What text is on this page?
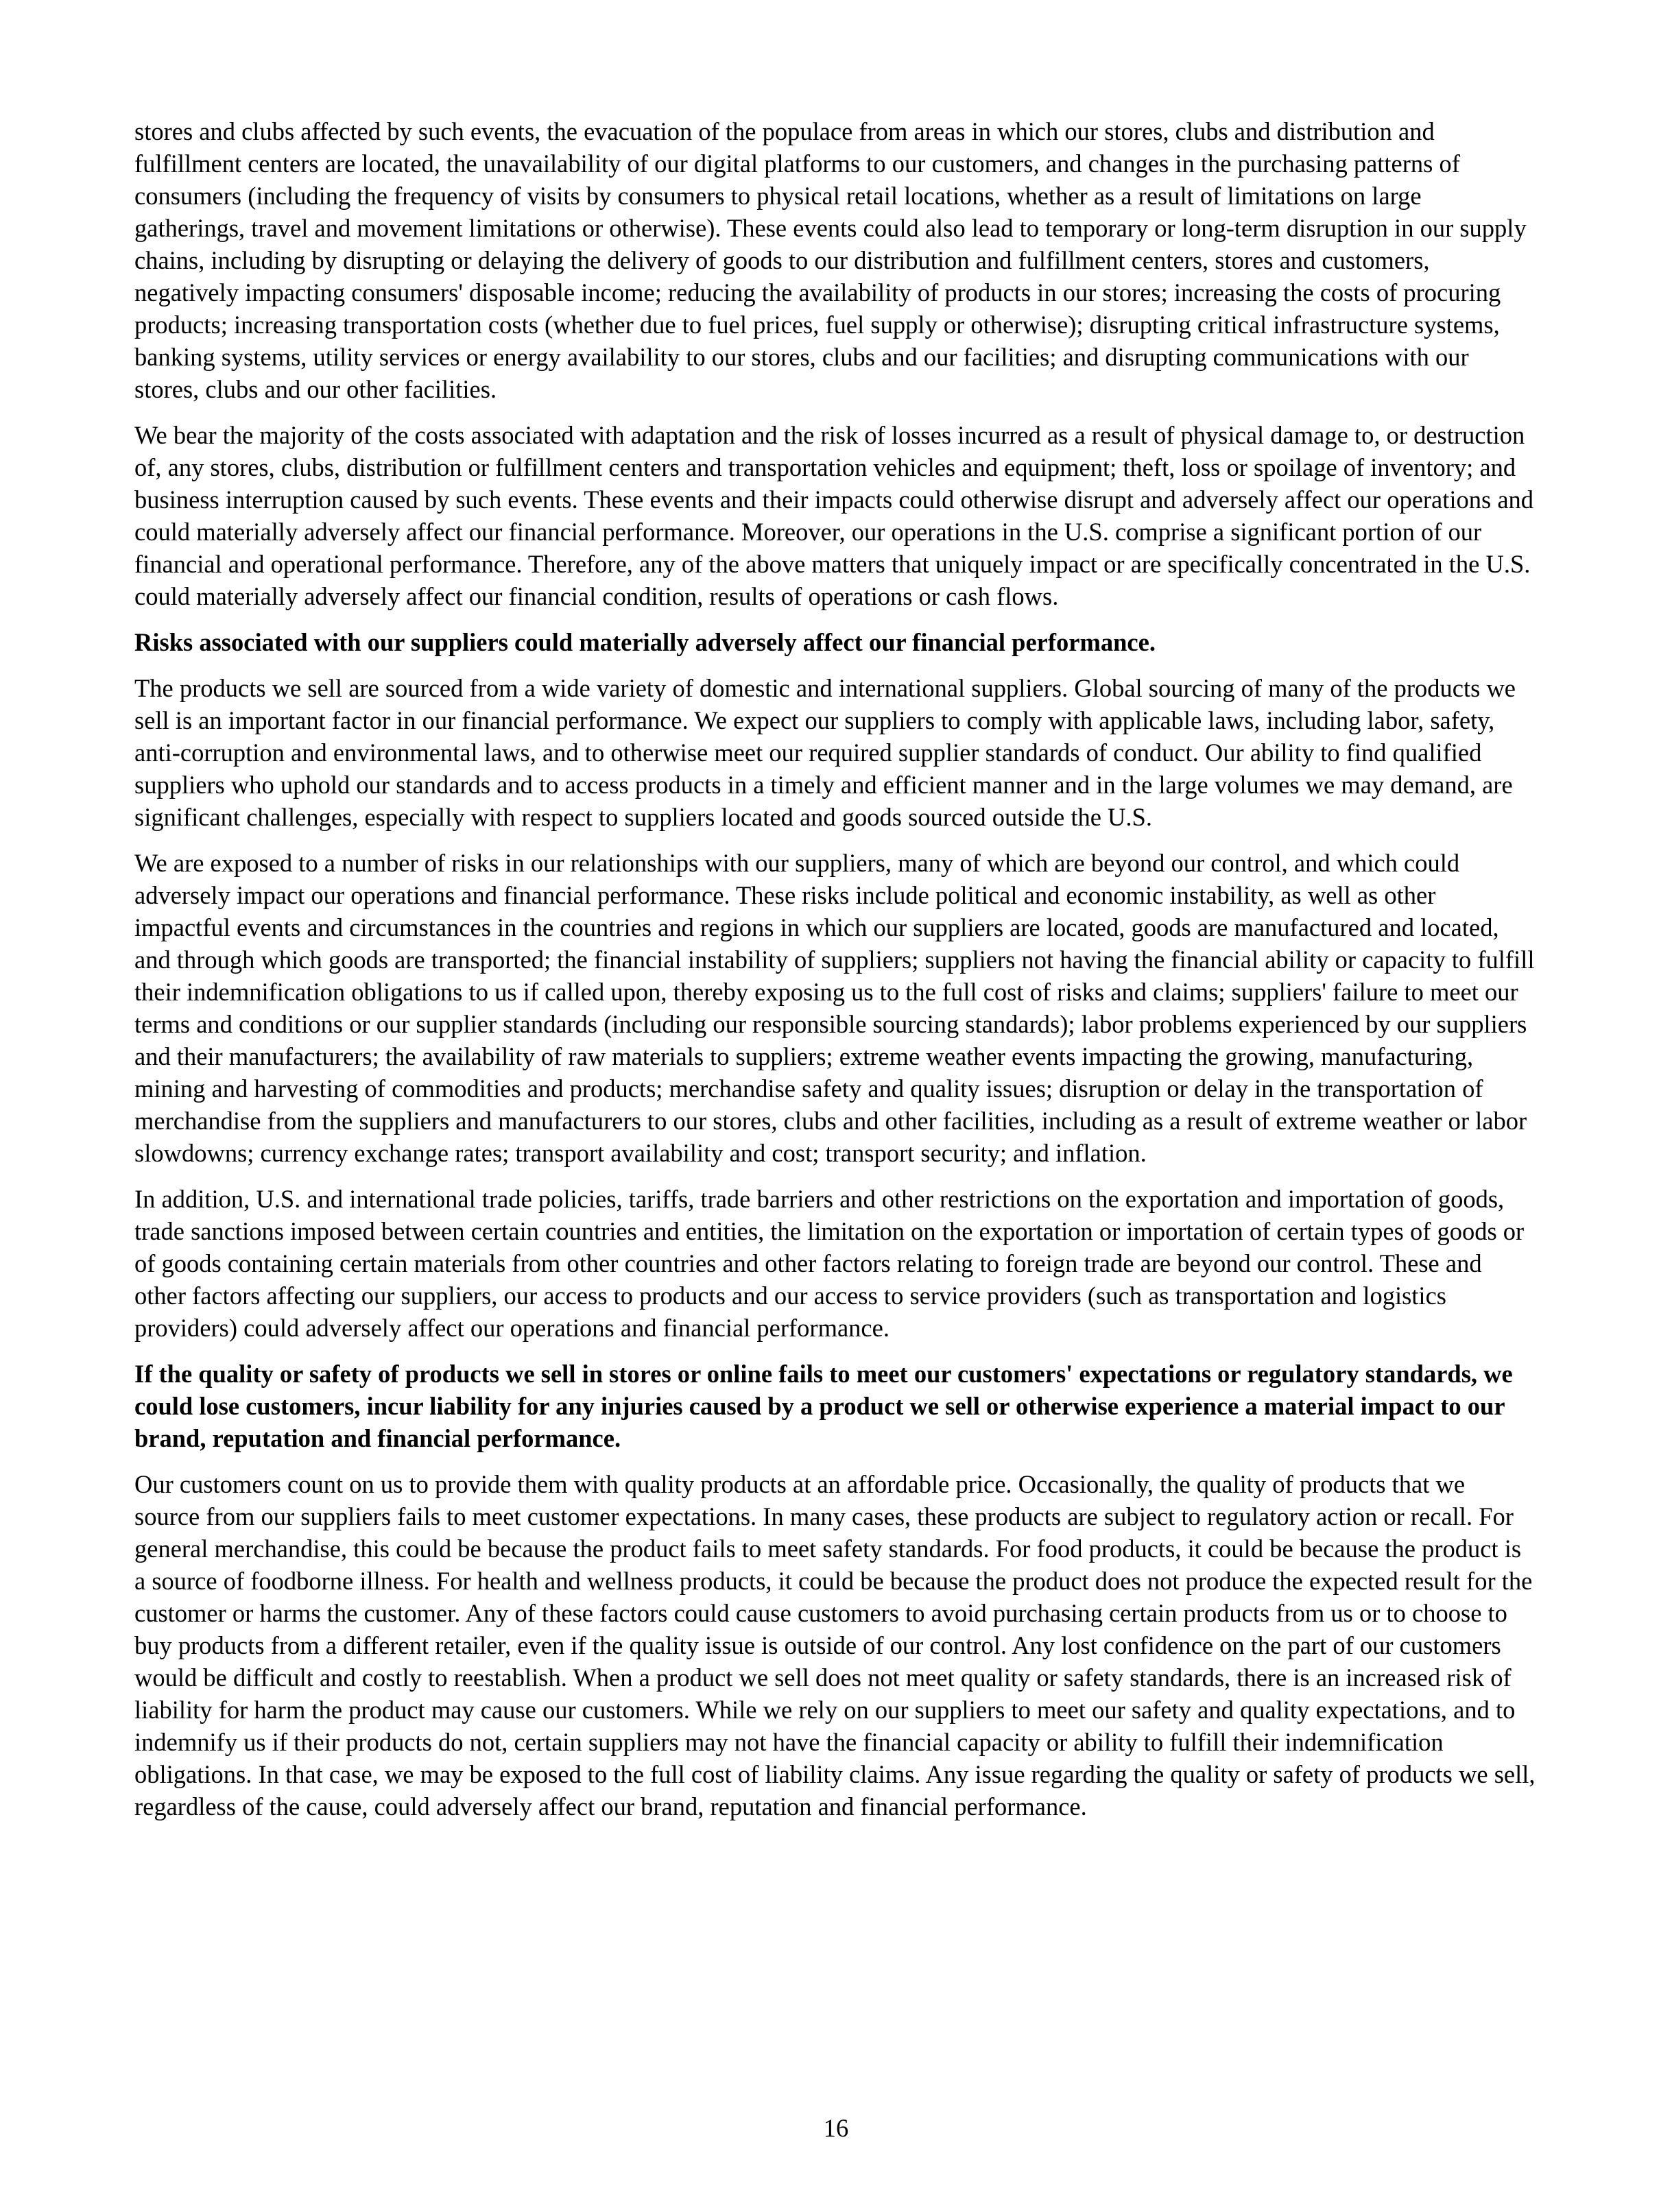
stores and clubs affected by such events, the evacuation of the populace from areas in which our stores, clubs and distribution and fulfillment centers are located, the unavailability of our digital platforms to our customers, and changes in the purchasing patterns of consumers (including the frequency of visits by consumers to physical retail locations, whether as a result of limitations on large gatherings, travel and movement limitations or otherwise). These events could also lead to temporary or long-term disruption in our supply chains, including by disrupting or delaying the delivery of goods to our distribution and fulfillment centers, stores and customers, negatively impacting consumers' disposable income; reducing the availability of products in our stores; increasing the costs of procuring products; increasing transportation costs (whether due to fuel prices, fuel supply or otherwise); disrupting critical infrastructure systems, banking systems, utility services or energy availability to our stores, clubs and our facilities; and disrupting communications with our stores, clubs and our other facilities.

We bear the majority of the costs associated with adaptation and the risk of losses incurred as a result of physical damage to, or destruction of, any stores, clubs, distribution or fulfillment centers and transportation vehicles and equipment; theft, loss or spoilage of inventory; and business interruption caused by such events. These events and their impacts could otherwise disrupt and adversely affect our operations and could materially adversely affect our financial performance. Moreover, our operations in the U.S. comprise a significant portion of our financial and operational performance. Therefore, any of the above matters that uniquely impact or are specifically concentrated in the U.S. could materially adversely affect our financial condition, results of operations or cash flows.

Risks associated with our suppliers could materially adversely affect our financial performance.

The products we sell are sourced from a wide variety of domestic and international suppliers. Global sourcing of many of the products we sell is an important factor in our financial performance. We expect our suppliers to comply with applicable laws, including labor, safety, anti-corruption and environmental laws, and to otherwise meet our required supplier standards of conduct. Our ability to find qualified suppliers who uphold our standards and to access products in a timely and efficient manner and in the large volumes we may demand, are significant challenges, especially with respect to suppliers located and goods sourced outside the U.S.

We are exposed to a number of risks in our relationships with our suppliers, many of which are beyond our control, and which could adversely impact our operations and financial performance. These risks include political and economic instability, as well as other impactful events and circumstances in the countries and regions in which our suppliers are located, goods are manufactured and located, and through which goods are transported; the financial instability of suppliers; suppliers not having the financial ability or capacity to fulfill their indemnification obligations to us if called upon, thereby exposing us to the full cost of risks and claims; suppliers' failure to meet our terms and conditions or our supplier standards (including our responsible sourcing standards); labor problems experienced by our suppliers and their manufacturers; the availability of raw materials to suppliers; extreme weather events impacting the growing, manufacturing, mining and harvesting of commodities and products; merchandise safety and quality issues; disruption or delay in the transportation of merchandise from the suppliers and manufacturers to our stores, clubs and other facilities, including as a result of extreme weather or labor slowdowns; currency exchange rates; transport availability and cost; transport security; and inflation.

In addition, U.S. and international trade policies, tariffs, trade barriers and other restrictions on the exportation and importation of goods, trade sanctions imposed between certain countries and entities, the limitation on the exportation or importation of certain types of goods or of goods containing certain materials from other countries and other factors relating to foreign trade are beyond our control. These and other factors affecting our suppliers, our access to products and our access to service providers (such as transportation and logistics providers) could adversely affect our operations and financial performance.

If the quality or safety of products we sell in stores or online fails to meet our customers' expectations or regulatory standards, we could lose customers, incur liability for any injuries caused by a product we sell or otherwise experience a material impact to our brand, reputation and financial performance.

Our customers count on us to provide them with quality products at an affordable price. Occasionally, the quality of products that we source from our suppliers fails to meet customer expectations. In many cases, these products are subject to regulatory action or recall. For general merchandise, this could be because the product fails to meet safety standards. For food products, it could be because the product is a source of foodborne illness. For health and wellness products, it could be because the product does not produce the expected result for the customer or harms the customer. Any of these factors could cause customers to avoid purchasing certain products from us or to choose to buy products from a different retailer, even if the quality issue is outside of our control. Any lost confidence on the part of our customers would be difficult and costly to reestablish. When a product we sell does not meet quality or safety standards, there is an increased risk of liability for harm the product may cause our customers. While we rely on our suppliers to meet our safety and quality expectations, and to indemnify us if their products do not, certain suppliers may not have the financial capacity or ability to fulfill their indemnification obligations. In that case, we may be exposed to the full cost of liability claims. Any issue regarding the quality or safety of products we sell, regardless of the cause, could adversely affect our brand, reputation and financial performance.

16
